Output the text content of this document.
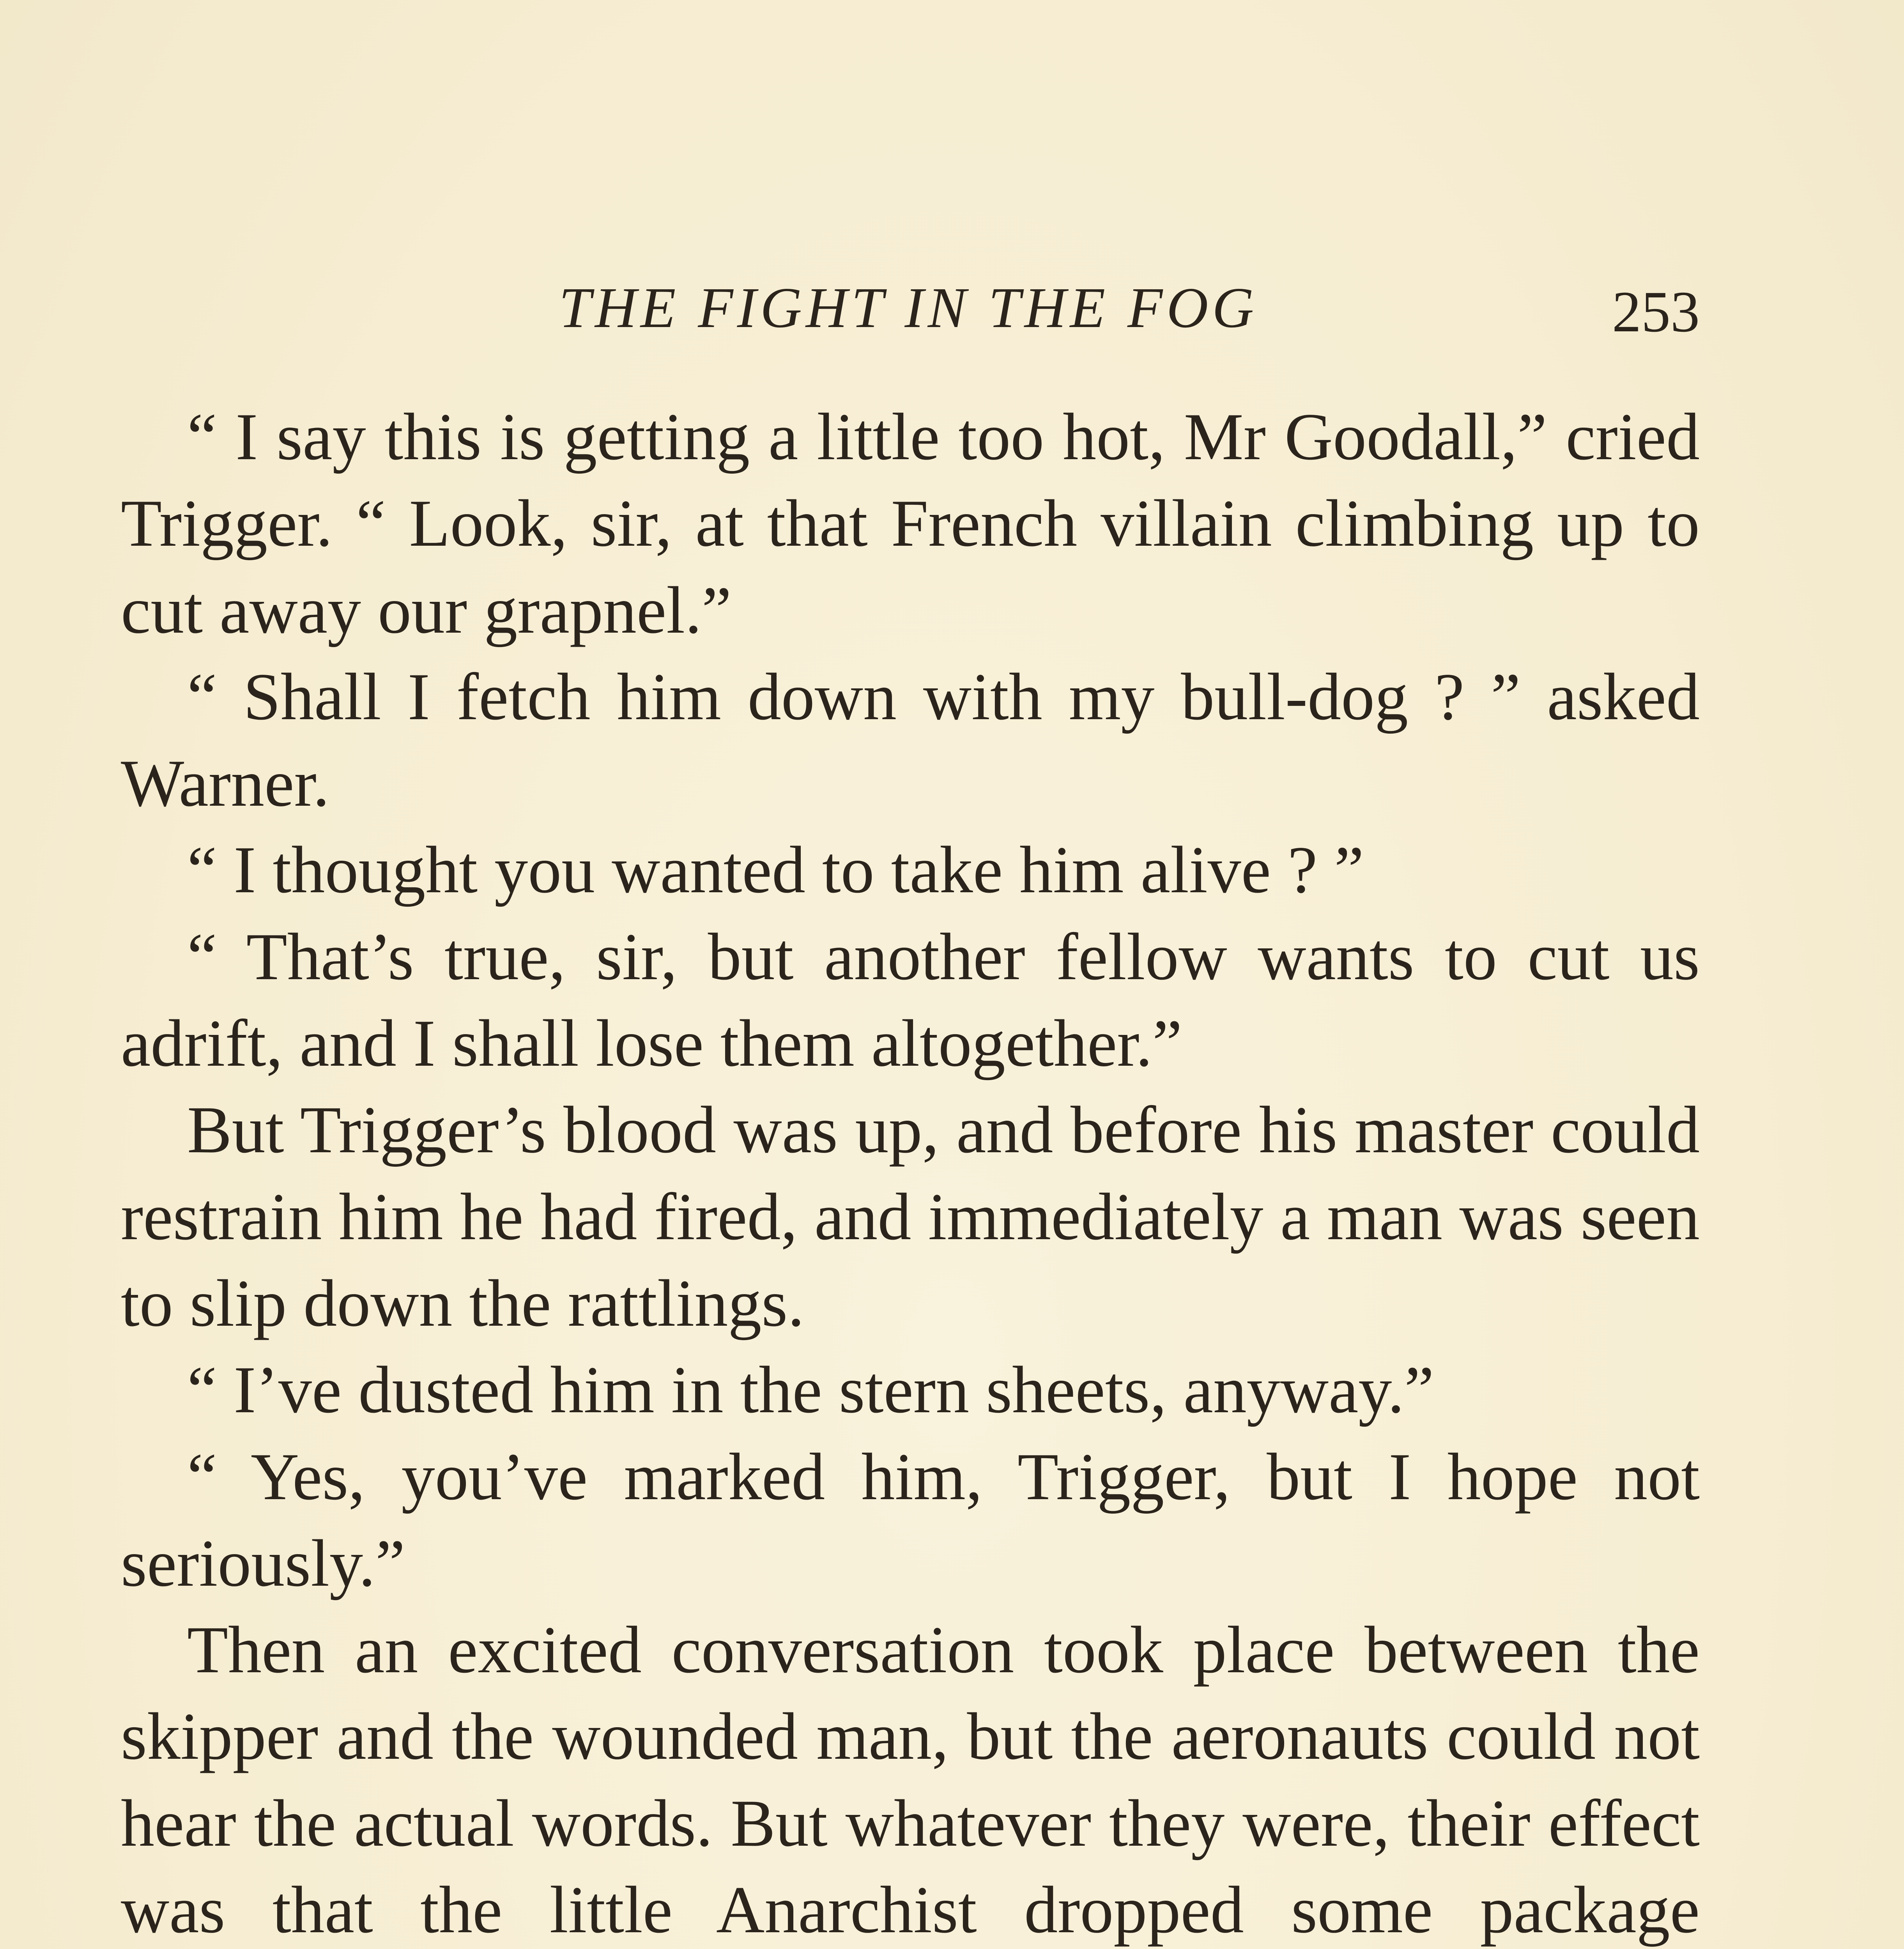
THE FIGHT IN THE FOG	253

“ I say this is getting a little too hot, Mr Goodall,” cried Trigger. “ Look, sir, at that French villain climbing up to cut away our grapnel.”

“ Shall I fetch him down with my bull-dog ? ” asked Warner.

“ I thought you wanted to take him alive ? ”

“ That’s true, sir, but another fellow wants to cut us adrift, and I shall lose them altogether.”

But Trigger’s blood was up, and before his master could restrain him he had fired, and immediately a man was seen to slip down the rattlings.

“ I’ve dusted him in the stern sheets, anyway.”

“ Yes, you’ve marked him, Trigger, but I hope not seriously.”

Then an excited conversation took place between the skipper and the wounded man, but the aeronauts could not hear the actual words. But whatever they were, their effect was that the little Anarchist dropped some package
